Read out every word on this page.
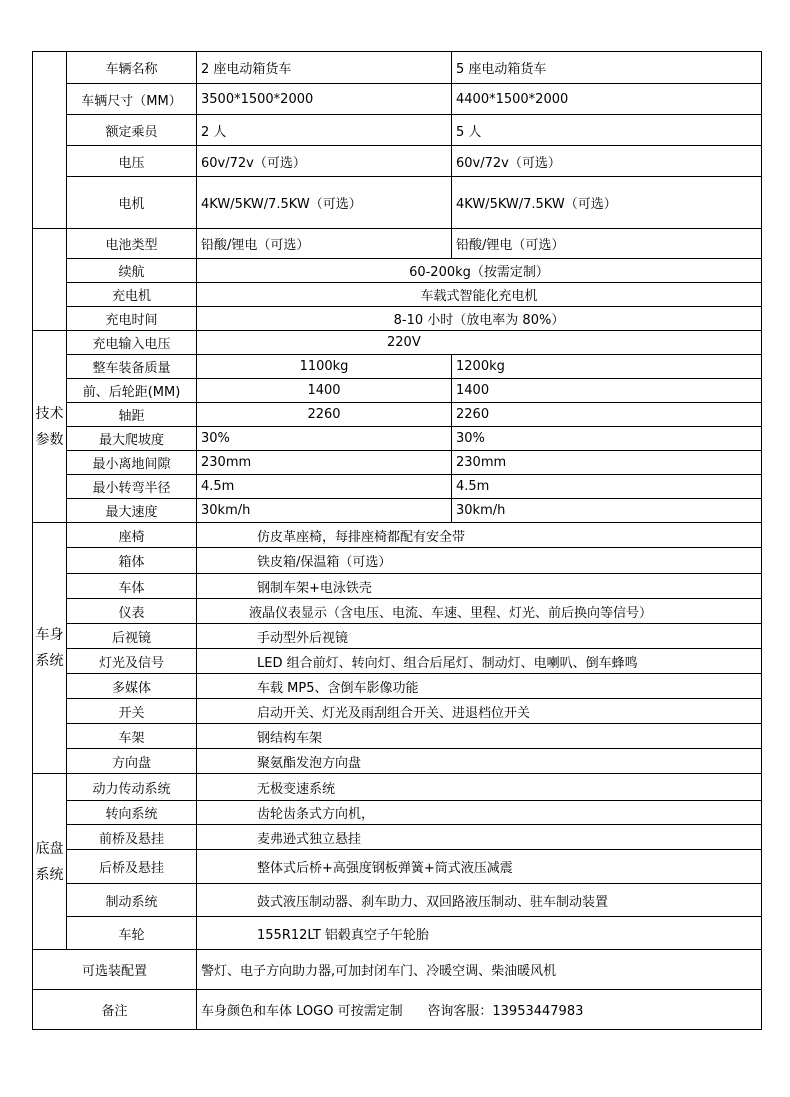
	车辆名称	2 座电动箱货车	5 座电动箱货车
	车辆尺寸（MM）	3500*1500*2000	4400*1500*2000
	额定乘员	2 人	5 人
	电压	60v/72v（可选）	60v/72v（可选）
	电机	4KW/5KW/7.5KW（可选）	4KW/5KW/7.5KW（可选）
	电池类型	铅酸/锂电（可选）	铅酸/锂电（可选）
	续航	60-200kg（按需定制）	
	充电机	车载式智能化充电机	
	充电时间	8-10 小时（放电率为 80%）	
技术参数	充电输入电压	220V	
	整车装备质量	1100kg	1200kg
	前、后轮距(MM)	1400	1400
	轴距	2260	2260
	最大爬坡度	30%	30%
	最小离地间隙	230mm	230mm
	最小转弯半径	4.5m	4.5m
	最大速度	30km/h	30km/h
车身系统	座椅	仿皮革座椅，每排座椅都配有安全带	
	箱体	铁皮箱/保温箱（可选）	
	车体	钢制车架+电泳铁壳	
	仪表	液晶仪表显示（含电压、电流、车速、里程、灯光、前后换向等信号）	
	后视镜	手动型外后视镜	
	灯光及信号	LED 组合前灯、转向灯、组合后尾灯、制动灯、电喇叭、倒车蜂鸣	
	多媒体	车载 MP5、含倒车影像功能	
	开关	启动开关、灯光及雨刮组合开关、进退档位开关	
	车架	钢结构车架	
	方向盘	聚氨酯发泡方向盘	
底盘系统	动力传动系统	无极变速系统	
	转向系统	齿轮齿条式方向机，	
	前桥及悬挂	麦弗逊式独立悬挂	
	后桥及悬挂	整体式后桥+高强度钢板弹簧+筒式液压减震	
	制动系统	鼓式液压制动器、刹车助力、双回路液压制动、驻车制动装置	
	车轮	155R12LT 铝毂真空子午轮胎	
可选装配置		警灯、电子方向助力器,可加封闭车门、冷暖空调、柴油暖风机	
备注		车身颜色和车体 LOGO 可按需定制      咨询客服：13953447983	
